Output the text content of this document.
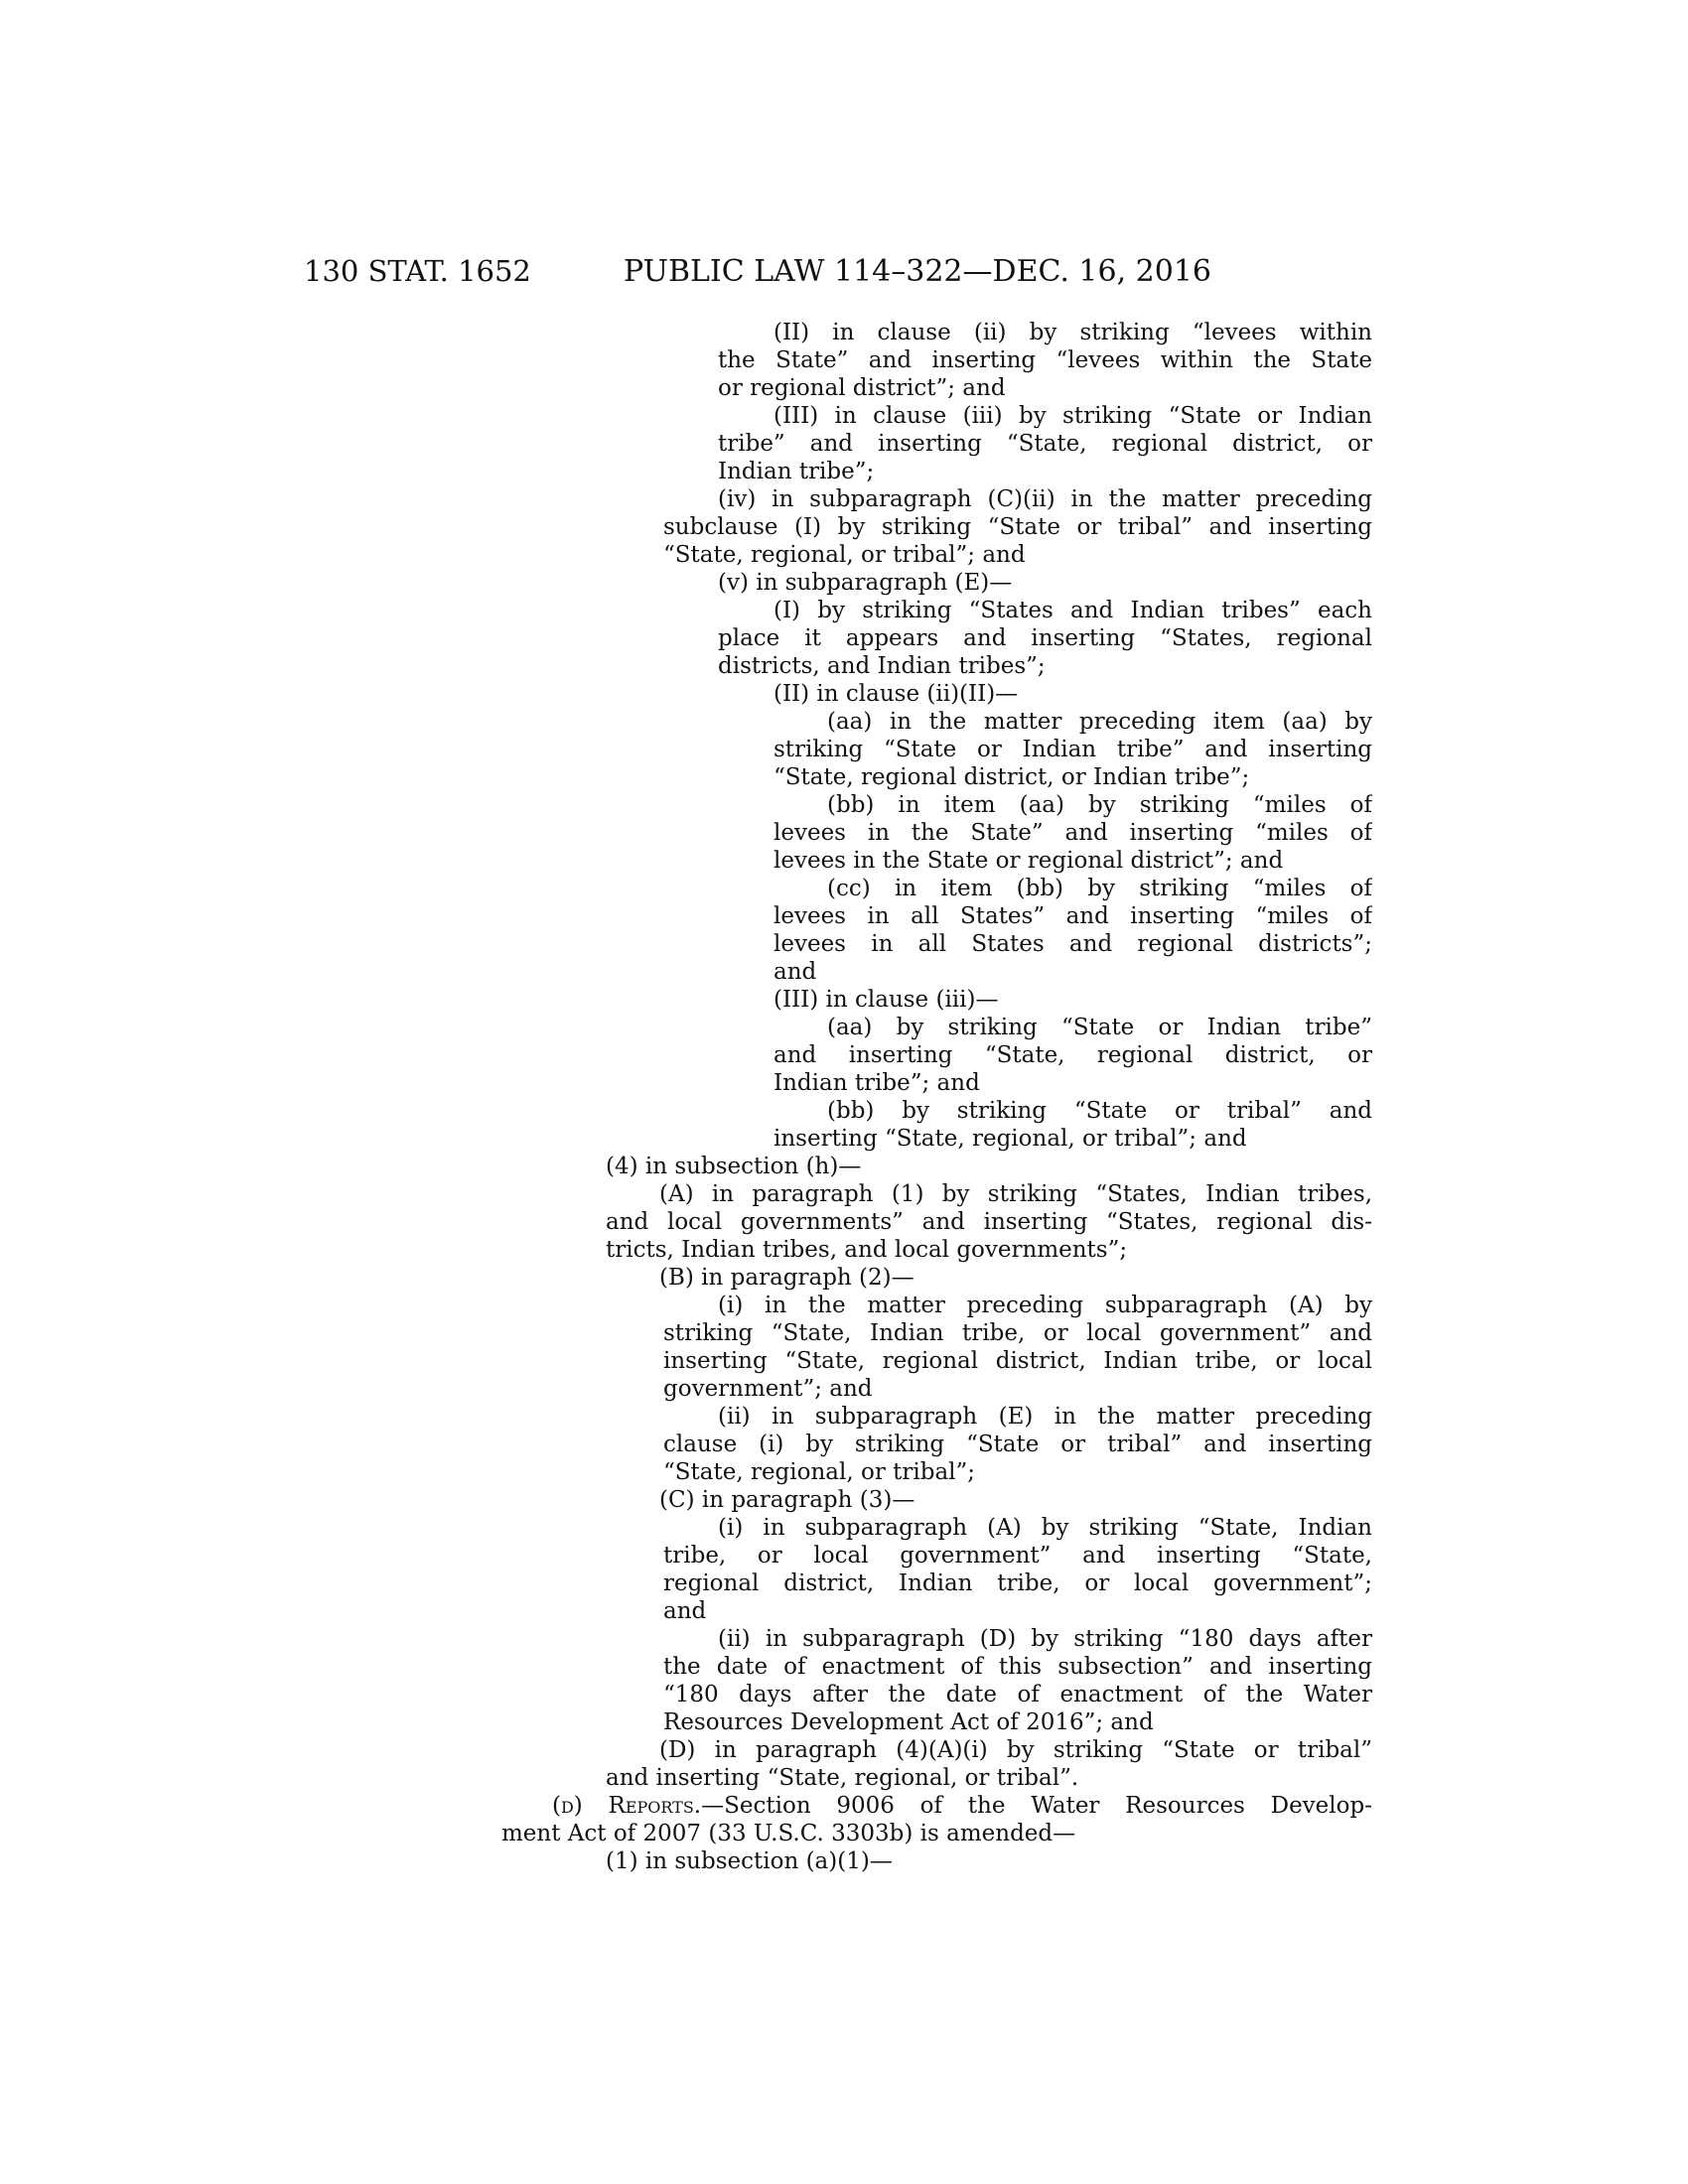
130 STAT. 1652	PUBLIC LAW 114–322—DEC. 16, 2016
(II) in clause (ii) by striking “levees within
the State” and inserting “levees within the State
or regional district”; and
(III) in clause (iii) by striking “State or Indian
tribe” and inserting “State, regional district, or
Indian tribe”;
(iv) in subparagraph (C)(ii) in the matter preceding
subclause (I) by striking “State or tribal” and inserting
“State, regional, or tribal”; and
(v) in subparagraph (E)—
(I) by striking “States and Indian tribes” each
place it appears and inserting “States, regional
districts, and Indian tribes”;
(II) in clause (ii)(II)—
(aa) in the matter preceding item (aa) by
striking “State or Indian tribe” and inserting
“State, regional district, or Indian tribe”;
(bb) in item (aa) by striking “miles of
levees in the State” and inserting “miles of
levees in the State or regional district”; and
(cc) in item (bb) by striking “miles of
levees in all States” and inserting “miles of
levees in all States and regional districts”;
and
(III) in clause (iii)—
(aa) by striking “State or Indian tribe”
and inserting “State, regional district, or
Indian tribe”; and
(bb) by striking “State or tribal” and
inserting “State, regional, or tribal”; and
(4) in subsection (h)—
(A) in paragraph (1) by striking “States, Indian tribes,
and local governments” and inserting “States, regional dis-
tricts, Indian tribes, and local governments”;
(B) in paragraph (2)—
(i) in the matter preceding subparagraph (A) by
striking “State, Indian tribe, or local government” and
inserting “State, regional district, Indian tribe, or local
government”; and
(ii) in subparagraph (E) in the matter preceding
clause (i) by striking “State or tribal” and inserting
“State, regional, or tribal”;
(C) in paragraph (3)—
(i) in subparagraph (A) by striking “State, Indian
tribe, or local government” and inserting “State,
regional district, Indian tribe, or local government”;
and
(ii) in subparagraph (D) by striking “180 days after
the date of enactment of this subsection” and inserting
“180 days after the date of enactment of the Water
Resources Development Act of 2016”; and
(D) in paragraph (4)(A)(i) by striking “State or tribal”
and inserting “State, regional, or tribal”.
(d) Reports.—Section 9006 of the Water Resources Develop-
ment Act of 2007 (33 U.S.C. 3303b) is amended—
(1) in subsection (a)(1)—
